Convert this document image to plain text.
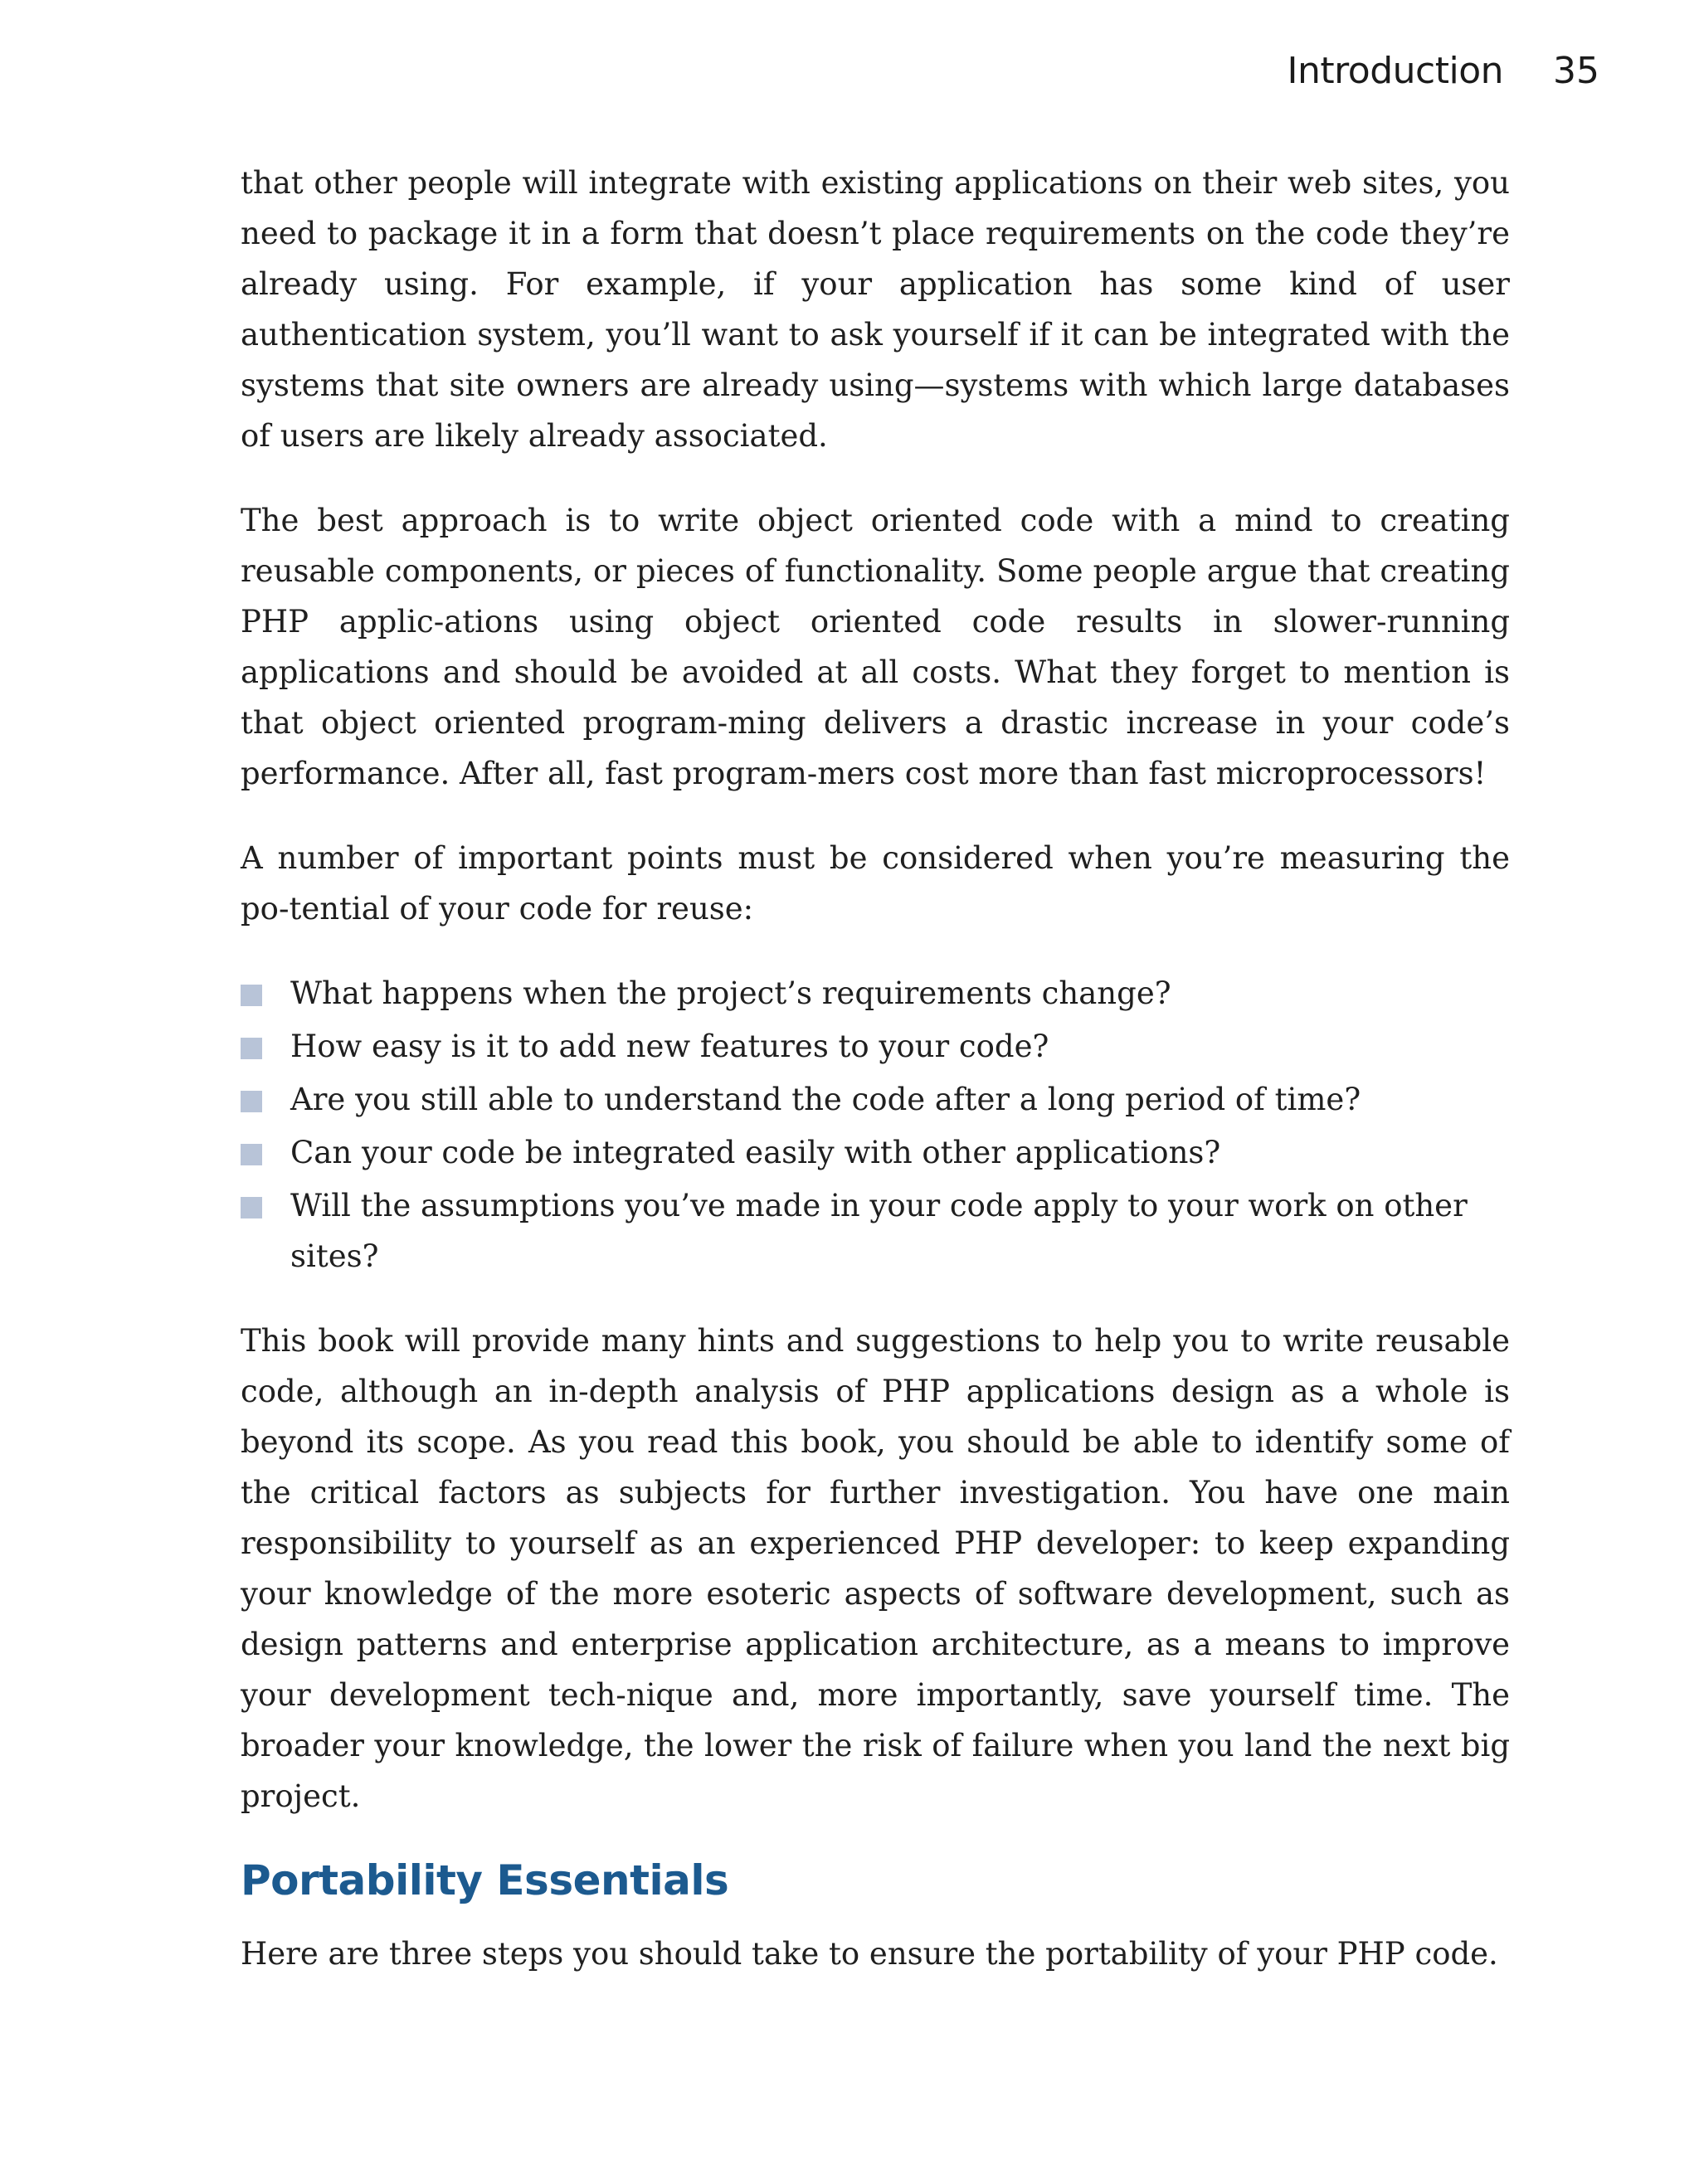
Introduction 35

that other people will integrate with existing applications on their web sites, you need to package it in a form that doesn’t place requirements on the code they’re already using. For example, if your application has some kind of user authentication system, you’ll want to ask yourself if it can be integrated with the systems that site owners are already using—systems with which large databases of users are likely already associated.

The best approach is to write object oriented code with a mind to creating reusable components, or pieces of functionality. Some people argue that creating PHP applic-ations using object oriented code results in slower-running applications and should be avoided at all costs. What they forget to mention is that object oriented program-ming delivers a drastic increase in your code’s performance. After all, fast program-mers cost more than fast microprocessors!

A number of important points must be considered when you’re measuring the po-tential of your code for reuse:

What happens when the project’s requirements change?
How easy is it to add new features to your code?
Are you still able to understand the code after a long period of time?
Can your code be integrated easily with other applications?
Will the assumptions you’ve made in your code apply to your work on other sites?

This book will provide many hints and suggestions to help you to write reusable code, although an in-depth analysis of PHP applications design as a whole is beyond its scope. As you read this book, you should be able to identify some of the critical factors as subjects for further investigation. You have one main responsibility to yourself as an experienced PHP developer: to keep expanding your knowledge of the more esoteric aspects of software development, such as design patterns and enterprise application architecture, as a means to improve your development tech-nique and, more importantly, save yourself time. The broader your knowledge, the lower the risk of failure when you land the next big project.

Portability Essentials

Here are three steps you should take to ensure the portability of your PHP code.
